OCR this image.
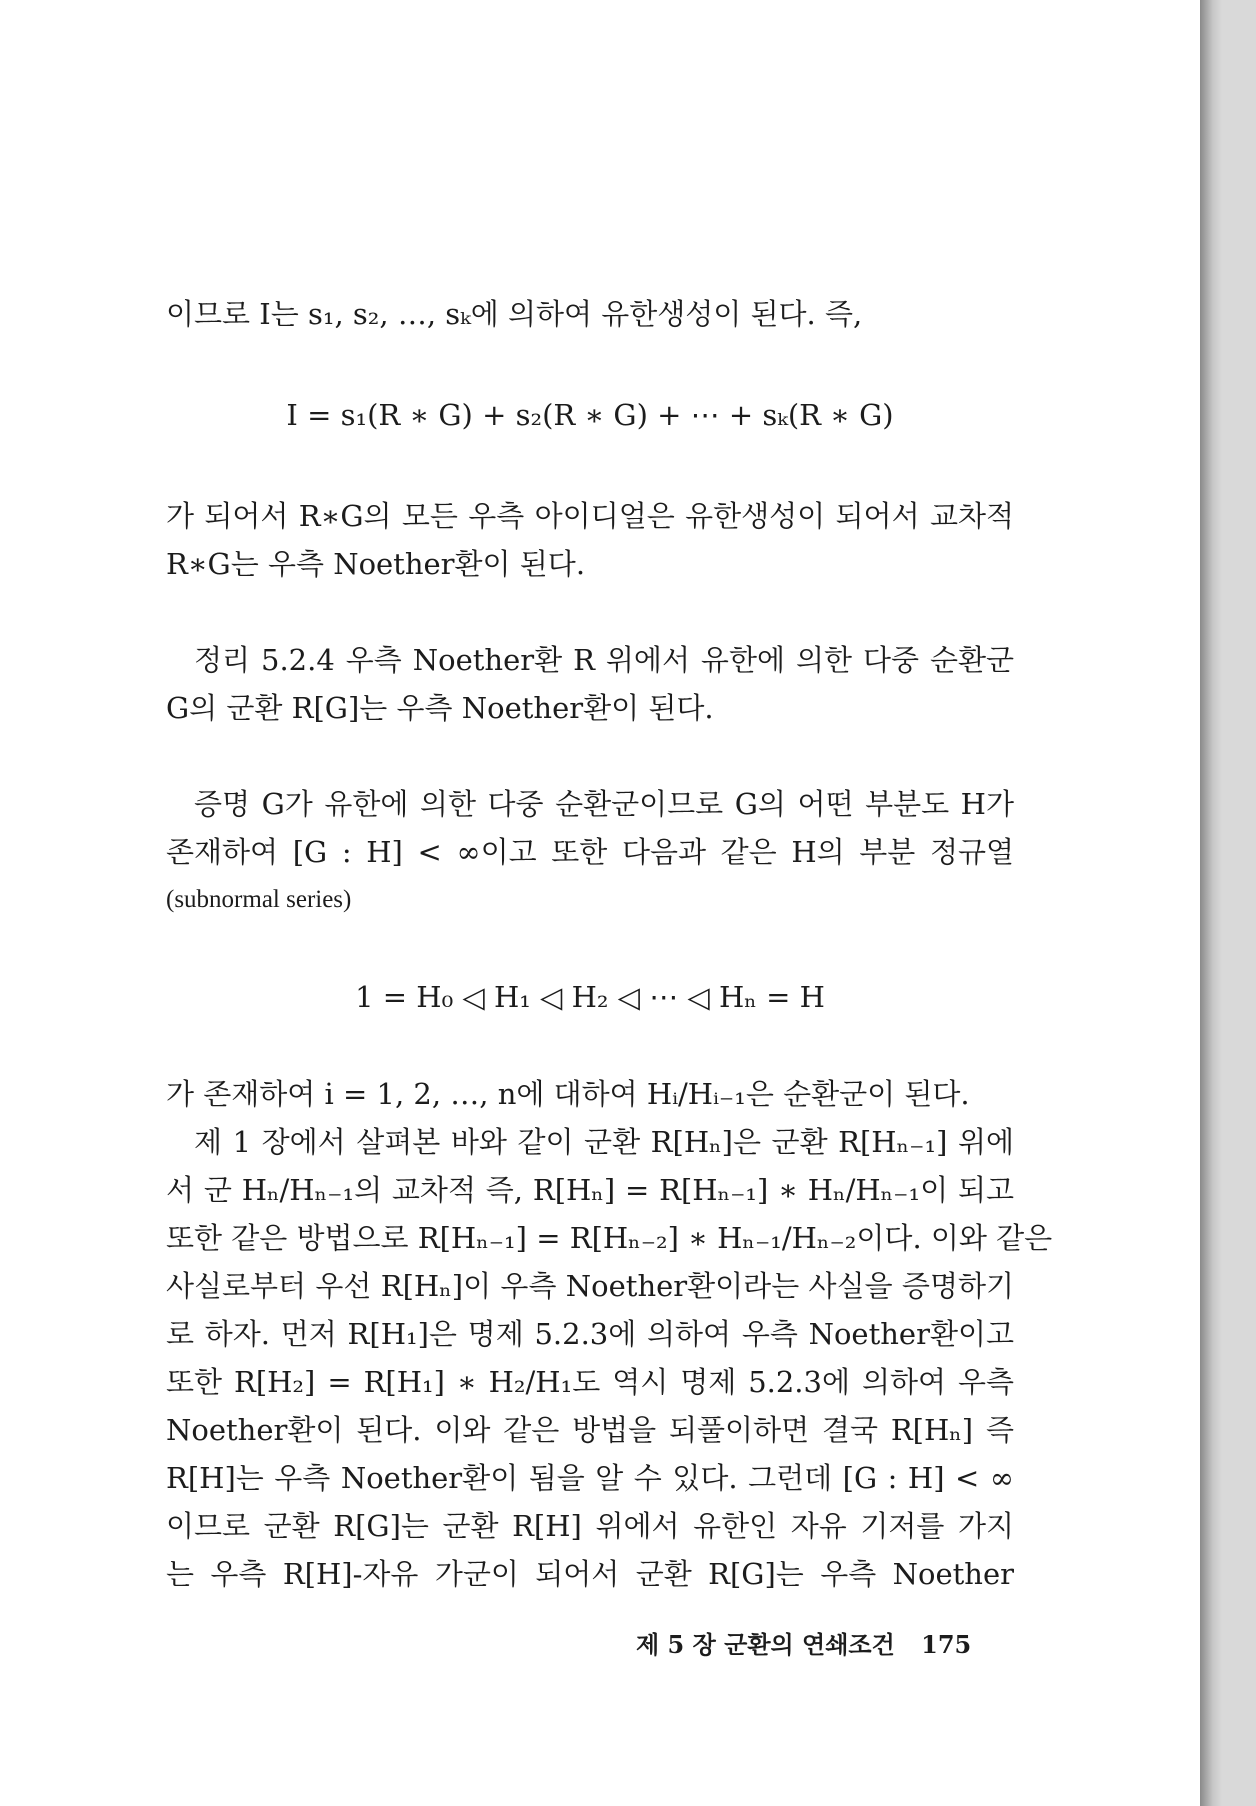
이므로 I는 s₁, s₂, …, sₖ에 의하여 유한생성이 된다. 즉,
I = s₁(R ∗ G) + s₂(R ∗ G) + ⋯ + sₖ(R ∗ G)
가 되어서 R∗G의 모든 우측 아이디얼은 유한생성이 되어서 교차적
R∗G는 우측 Noether환이 된다.
정리 5.2.4 우측 Noether환 R 위에서 유한에 의한 다중 순환군
G의 군환 R[G]는 우측 Noether환이 된다.
증명 G가 유한에 의한 다중 순환군이므로 G의 어떤 부분도 H가
존재하여 [G : H] < ∞이고 또한 다음과 같은 H의 부분 정규열
(subnormal series)
1 = H₀ ◁ H₁ ◁ H₂ ◁ ⋯ ◁ Hₙ = H
가 존재하여 i = 1, 2, …, n에 대하여 Hᵢ/Hᵢ₋₁은 순환군이 된다.
제 1 장에서 살펴본 바와 같이 군환 R[Hₙ]은 군환 R[Hₙ₋₁] 위에
서 군 Hₙ/Hₙ₋₁의 교차적 즉, R[Hₙ] = R[Hₙ₋₁] ∗ Hₙ/Hₙ₋₁이 되고
또한 같은 방법으로 R[Hₙ₋₁] = R[Hₙ₋₂] ∗ Hₙ₋₁/Hₙ₋₂이다. 이와 같은
사실로부터 우선 R[Hₙ]이 우측 Noether환이라는 사실을 증명하기
로 하자. 먼저 R[H₁]은 명제 5.2.3에 의하여 우측 Noether환이고
또한 R[H₂] = R[H₁] ∗ H₂/H₁도 역시 명제 5.2.3에 의하여 우측
Noether환이 된다. 이와 같은 방법을 되풀이하면 결국 R[Hₙ] 즉
R[H]는 우측 Noether환이 됨을 알 수 있다. 그런데 [G : H] < ∞
이므로 군환 R[G]는 군환 R[H] 위에서 유한인 자유 기저를 가지
는 우측 R[H]-자유 가군이 되어서 군환 R[G]는 우측 Noether
제 5 장 군환의 연쇄조건 175
